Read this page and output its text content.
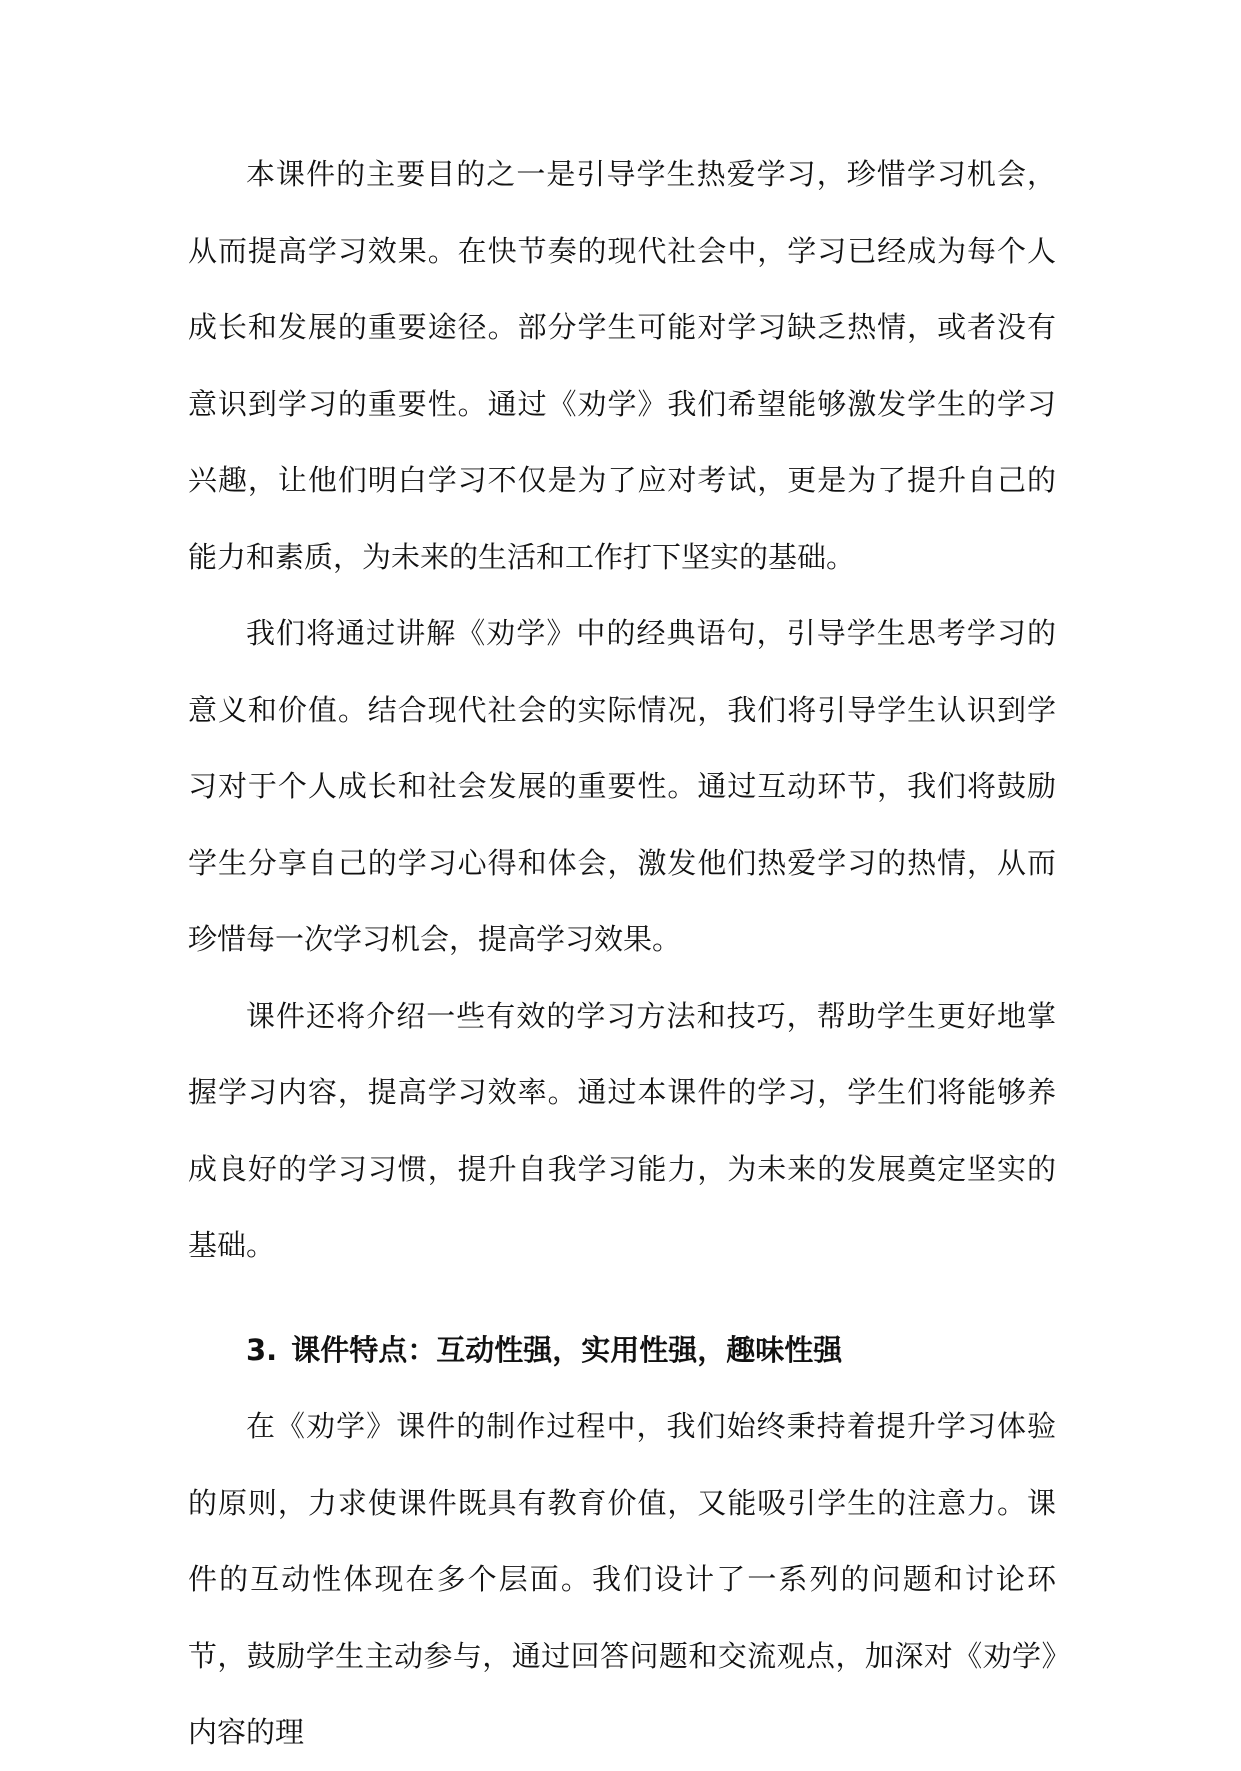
本课件的主要目的之一是引导学生热爱学习，珍惜学习机会，从而提高学习效果。在快节奏的现代社会中，学习已经成为每个人成长和发展的重要途径。部分学生可能对学习缺乏热情，或者没有意识到学习的重要性。通过《劝学》我们希望能够激发学生的学习兴趣，让他们明白学习不仅是为了应对考试，更是为了提升自己的能力和素质，为未来的生活和工作打下坚实的基础。

我们将通过讲解《劝学》中的经典语句，引导学生思考学习的意义和价值。结合现代社会的实际情况，我们将引导学生认识到学习对于个人成长和社会发展的重要性。通过互动环节，我们将鼓励学生分享自己的学习心得和体会，激发他们热爱学习的热情，从而珍惜每一次学习机会，提高学习效果。

课件还将介绍一些有效的学习方法和技巧，帮助学生更好地掌握学习内容，提高学习效率。通过本课件的学习，学生们将能够养成良好的学习习惯，提升自我学习能力，为未来的发展奠定坚实的基础。

3. 课件特点：互动性强，实用性强，趣味性强

在《劝学》课件的制作过程中，我们始终秉持着提升学习体验的原则，力求使课件既具有教育价值，又能吸引学生的注意力。课件的互动性体现在多个层面。我们设计了一系列的问题和讨论环节，鼓励学生主动参与，通过回答问题和交流观点，加深对《劝学》内容的理
